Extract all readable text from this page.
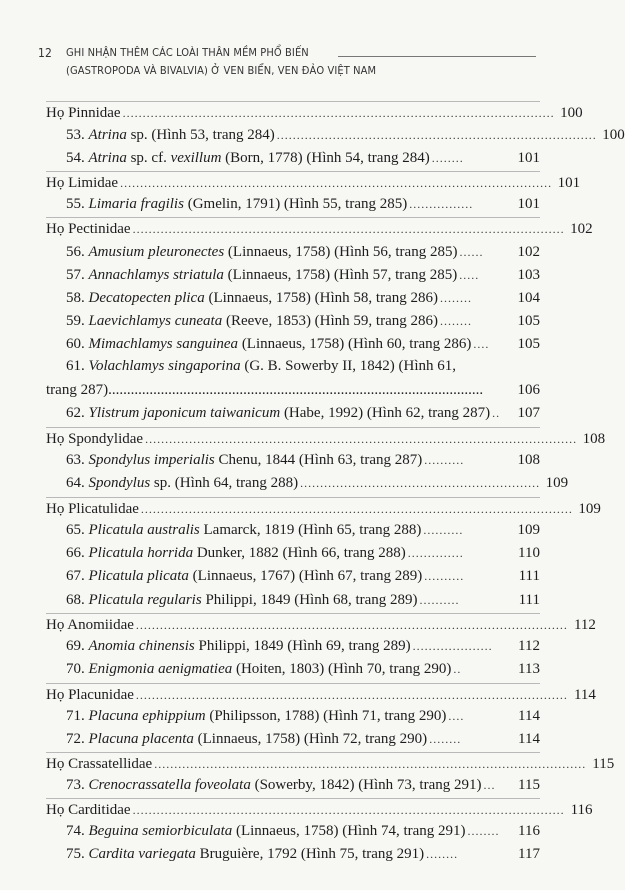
12 GHI NHẬN THÊM CÁC LOÀI THÂN MỀM PHỔ BIẾN
(GASTROPODA VÀ BIVALVIA) Ở VEN BIỂN, VEN ĐẢO VIỆT NAM
Họ Pinnidae ............................................................................................................ 100
53. Atrina sp. (Hình 53, trang 284) ................................................................................ 100
54. Atrina sp. cf. vexillum (Born, 1778) (Hình 54, trang 284) ........	101
Họ Limidae ............................................................................................................ 101
55. Limaria fragilis (Gmelin, 1791) (Hình 55, trang 285) ................	101
Họ Pectinidae ............................................................................................................ 102
56. Amusium pleuronectes (Linnaeus, 1758) (Hình 56, trang 285) ......	102
57. Annachlamys striatula (Linnaeus, 1758) (Hình 57, trang 285) .....	103
58. Decatopecten plica (Linnaeus, 1758) (Hình 58, trang 286) ........	104
59. Laevichlamys cuneata (Reeve, 1853) (Hình 59, trang 286) ........	105
60. Mimachlamys sanguinea (Linnaeus, 1758) (Hình 60, trang 286) ....	105
61. Volachlamys singaporina (G. B. Sowerby II, 1842) (Hình 61,
trang 287) ....................................................................................................	106
62. Ylistrum japonicum taiwanicum (Habe, 1992) (Hình 62, trang 287) ..	107
Họ Spondylidae ............................................................................................................ 108
63. Spondylus imperialis Chenu, 1844 (Hình 63, trang 287) ..........	108
64. Spondylus sp. (Hình 64, trang 288) ............................................................ 109
Họ Plicatulidae ............................................................................................................ 109
65. Plicatula australis Lamarck, 1819 (Hình 65, trang 288) ..........	109
66. Plicatula horrida Dunker, 1882 (Hình 66, trang 288) ..............	110
67. Plicatula plicata (Linnaeus, 1767) (Hình 67, trang 289) ..........	111
68. Plicatula regularis Philippi, 1849 (Hình 68, trang 289) ..........	111
Họ Anomiidae ............................................................................................................ 112
69. Anomia chinensis Philippi, 1849 (Hình 69, trang 289) ....................	112
70. Enigmonia aenigmatiea (Hoiten, 1803) (Hình 70, trang 290) ..	113
Họ Placunidae ............................................................................................................ 114
71. Placuna ephippium (Philipsson, 1788) (Hình 71, trang 290) ....	114
72. Placuna placenta (Linnaeus, 1758) (Hình 72, trang 290) ........	114
Họ Crassatellidae ............................................................................................................ 115
73. Crenocrassatella foveolata (Sowerby, 1842) (Hình 73, trang 291) ...	115
Họ Carditidae ............................................................................................................ 116
74. Beguina semiorbiculata (Linnaeus, 1758) (Hình 74, trang 291) ........	116
75. Cardita variegata Bruguière, 1792 (Hình 75, trang 291) ........	117
